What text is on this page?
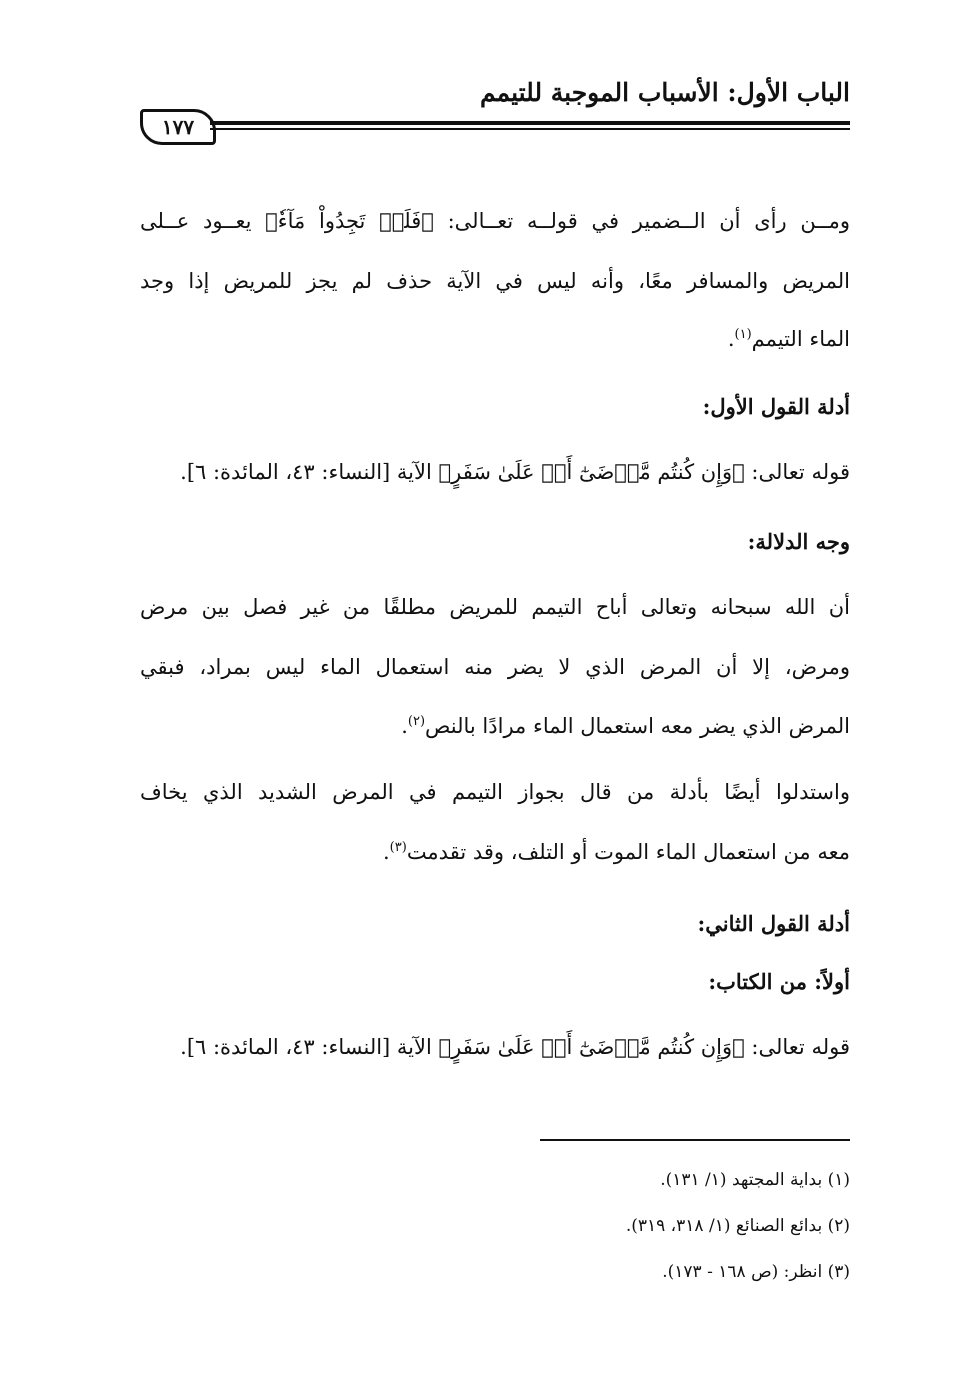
الباب الأول: الأسباب الموجبة للتيمم
١٧٧
ومــن رأى أن الــضمير في قولــه تعــالى: ﴿فَلَمۡ تَجِدُواْ مَآءٗ﴾ يعــود عــلى
المريض والمسافر معًا، وأنه ليس في الآية حذف لم يجز للمريض إذا وجد
الماء التيمم$^{(١)}$.
أدلة القول الأول:
قوله تعالى: ﴿وَإِن كُنتُم مَّرۡضَىٰٓ أَوۡ عَلَىٰ سَفَرٍ﴾ الآية [النساء: ٤٣، المائدة: ٦].
وجه الدلالة:
أن الله سبحانه وتعالى أباح التيمم للمريض مطلقًا من غير فصل بين مرض
ومرض، إلا أن المرض الذي لا يضر منه استعمال الماء ليس بمراد، فبقي
المرض الذي يضر معه استعمال الماء مرادًا بالنص$^{(٢)}$.
واستدلوا أيضًا بأدلة من قال بجواز التيمم في المرض الشديد الذي يخاف
معه من استعمال الماء الموت أو التلف، وقد تقدمت$^{(٣)}$.
أدلة القول الثاني:
أولاً: من الكتاب:
قوله تعالى: ﴿وَإِن كُنتُم مَّرۡضَىٰٓ أَوۡ عَلَىٰ سَفَرٍ﴾ الآية [النساء: ٤٣، المائدة: ٦].
(١) بداية المجتهد (١/ ١٣١).
(٢) بدائع الصنائع (١/ ٣١٨، ٣١٩).
(٣) انظر: (ص ١٦٨ - ١٧٣).
